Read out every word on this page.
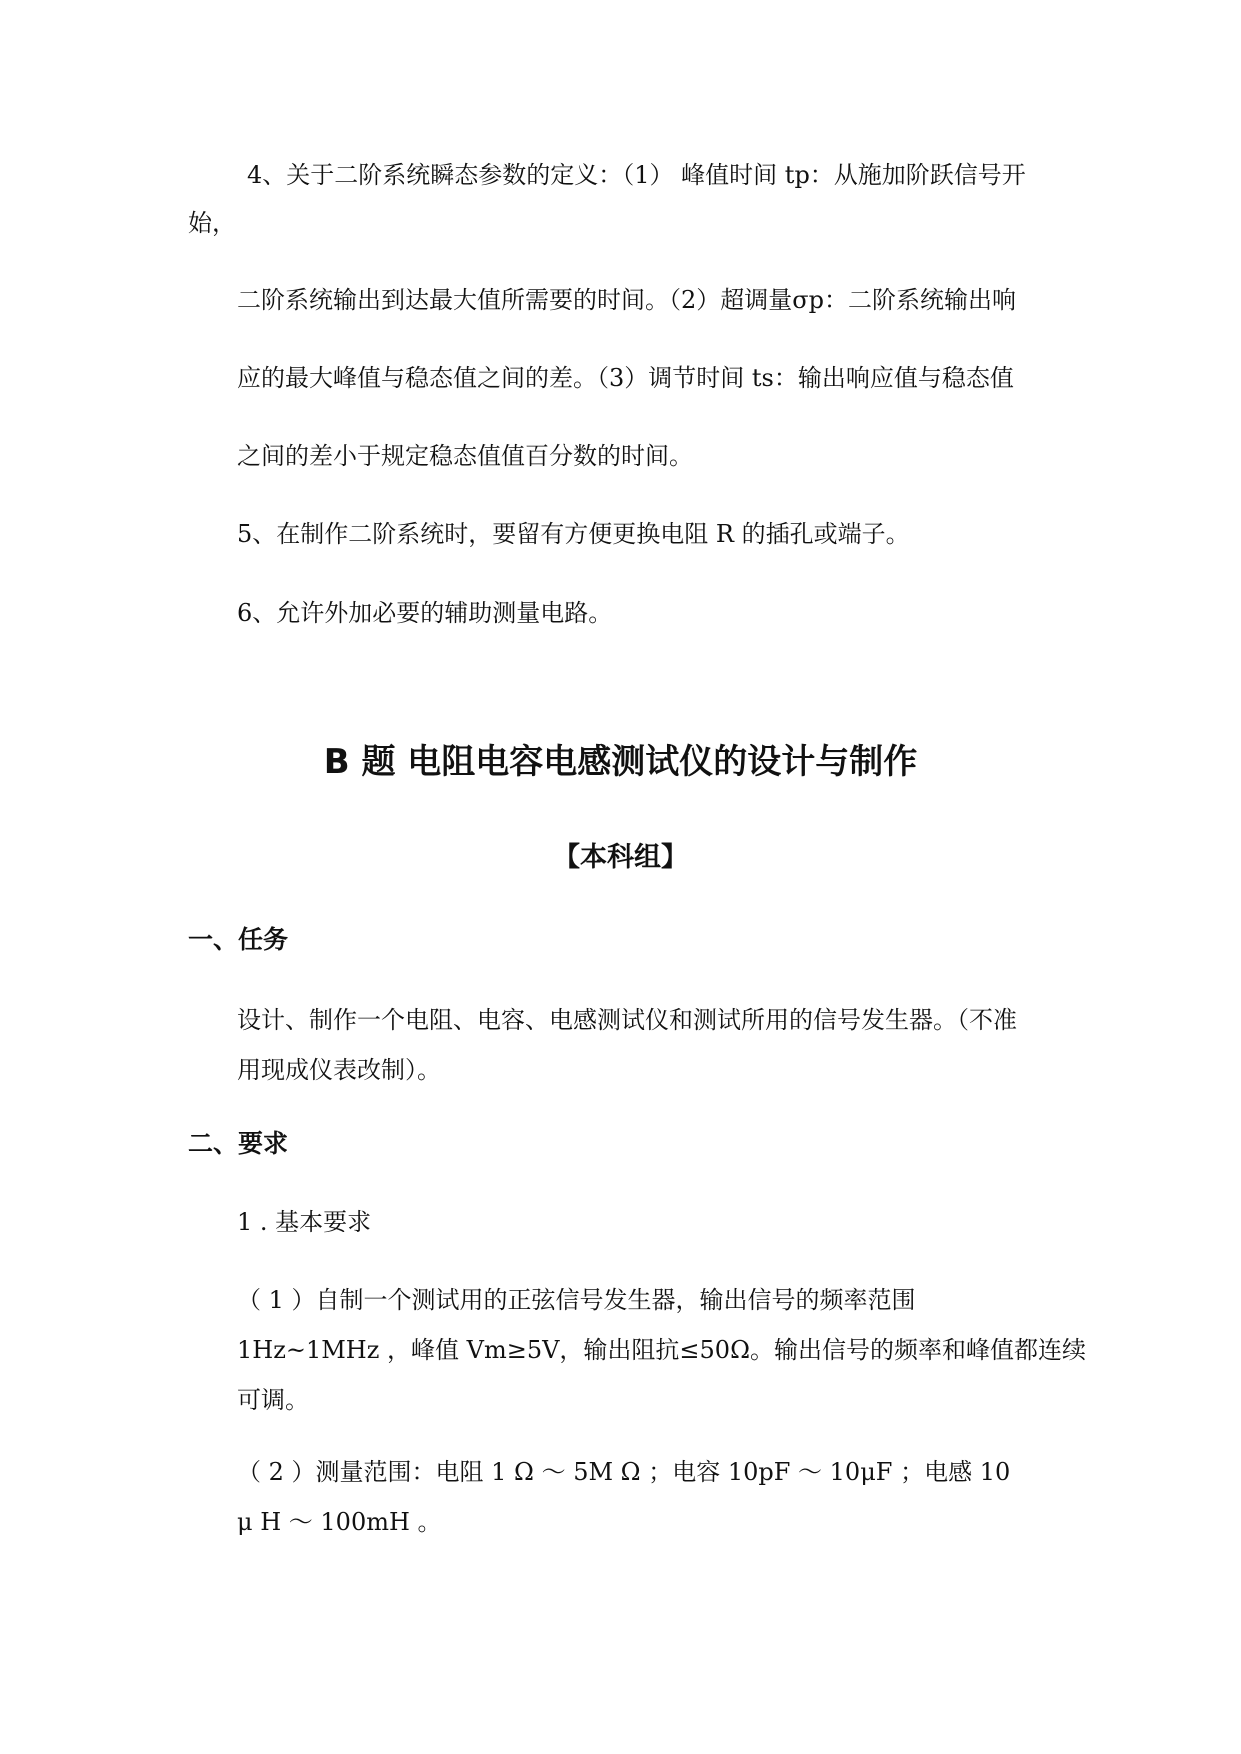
4、关于二阶系统瞬态参数的定义：（1） 峰值时间 tp：从施加阶跃信号开
始，
二阶系统输出到达最大值所需要的时间。（2）超调量σp：二阶系统输出响
应的最大峰值与稳态值之间的差。（3）调节时间 ts：输出响应值与稳态值
之间的差小于规定稳态值值百分数的时间。
5、在制作二阶系统时，要留有方便更换电阻 R 的插孔或端子。
6、允许外加必要的辅助测量电路。
B 题 电阻电容电感测试仪的设计与制作
【本科组】
一、任务
设计、制作一个电阻、电容、电感测试仪和测试所用的信号发生器。（不准
用现成仪表改制）。
二、要求
1 . 基本要求
（ 1 ）自制一个测试用的正弦信号发生器，输出信号的频率范围
1Hz~1MHz ，峰值 Vm≥5V，输出阻抗≤50Ω。输出信号的频率和峰值都连续
可调。
（ 2 ）测量范围：电阻 1 Ω ～ 5M Ω ；电容 10pF ～ 10μF ；电感 10
μ H ～ 100mH 。
